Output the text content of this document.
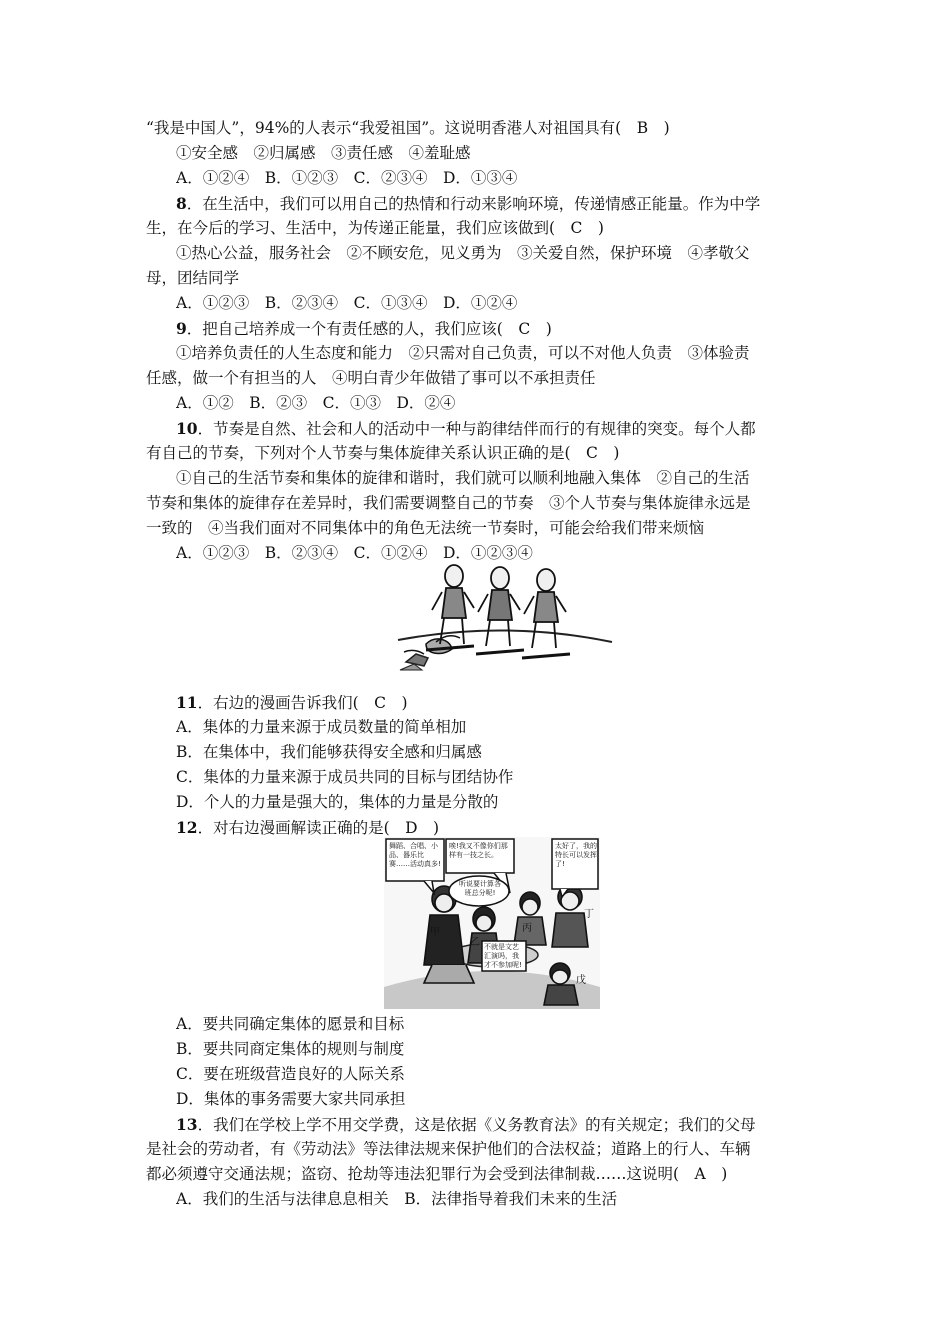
“我是中国人”，94%的人表示“我爱祖国”。这说明香港人对祖国具有(　B　)
①安全感　②归属感　③责任感　④羞耻感
A．①②④　B．①②③　C．②③④　D．①③④
8．在生活中，我们可以用自己的热情和行动来影响环境，传递情感正能量。作为中学
生，在今后的学习、生活中，为传递正能量，我们应该做到(　C　)
①热心公益，服务社会　②不顾安危，见义勇为　③关爱自然，保护环境　④孝敬父
母，团结同学
A．①②③　B．②③④　C．①③④　D．①②④
9．把自己培养成一个有责任感的人，我们应该(　C　)
①培养负责任的人生态度和能力　②只需对自己负责，可以不对他人负责　③体验责
任感，做一个有担当的人　④明白青少年做错了事可以不承担责任
A．①②　B．②③　C．①③　D．②④
10．节奏是自然、社会和人的活动中一种与韵律结伴而行的有规律的突变。每个人都
有自己的节奏，下列对个人节奏与集体旋律关系认识正确的是(　C　)
①自己的生活节奏和集体的旋律和谐时，我们就可以顺利地融入集体　②自己的生活
节奏和集体的旋律存在差异时，我们需要调整自己的节奏　③个人节奏与集体旋律永远是
一致的　④当我们面对不同集体中的角色无法统一节奏时，可能会给我们带来烦恼
A．①②③　B．②③④　C．①②④　D．①②③④
11．右边的漫画告诉我们(　C　)
A．集体的力量来源于成员数量的简单相加
B．在集体中，我们能够获得安全感和归属感
C．集体的力量来源于成员共同的目标与团结协作
D．个人的力量是强大的，集体的力量是分散的
12．对右边漫画解读正确的是(　D　)
舞蹈、合唱、小品、器乐比赛……活动真多!
唉!我又不像你们那样有一技之长。
太好了，我的特长可以发挥了!
听说要计算各班总分呢!
不就是文艺汇演吗，我才不参加呢!
甲
乙
丙
丁
戊
A．要共同确定集体的愿景和目标
B．要共同商定集体的规则与制度
C．要在班级营造良好的人际关系
D．集体的事务需要大家共同承担
13．我们在学校上学不用交学费，这是依据《义务教育法》的有关规定；我们的父母
是社会的劳动者，有《劳动法》等法律法规来保护他们的合法权益；道路上的行人、车辆
都必须遵守交通法规；盗窃、抢劫等违法犯罪行为会受到法律制裁……这说明(　A　)
A．我们的生活与法律息息相关　B．法律指导着我们未来的生活
